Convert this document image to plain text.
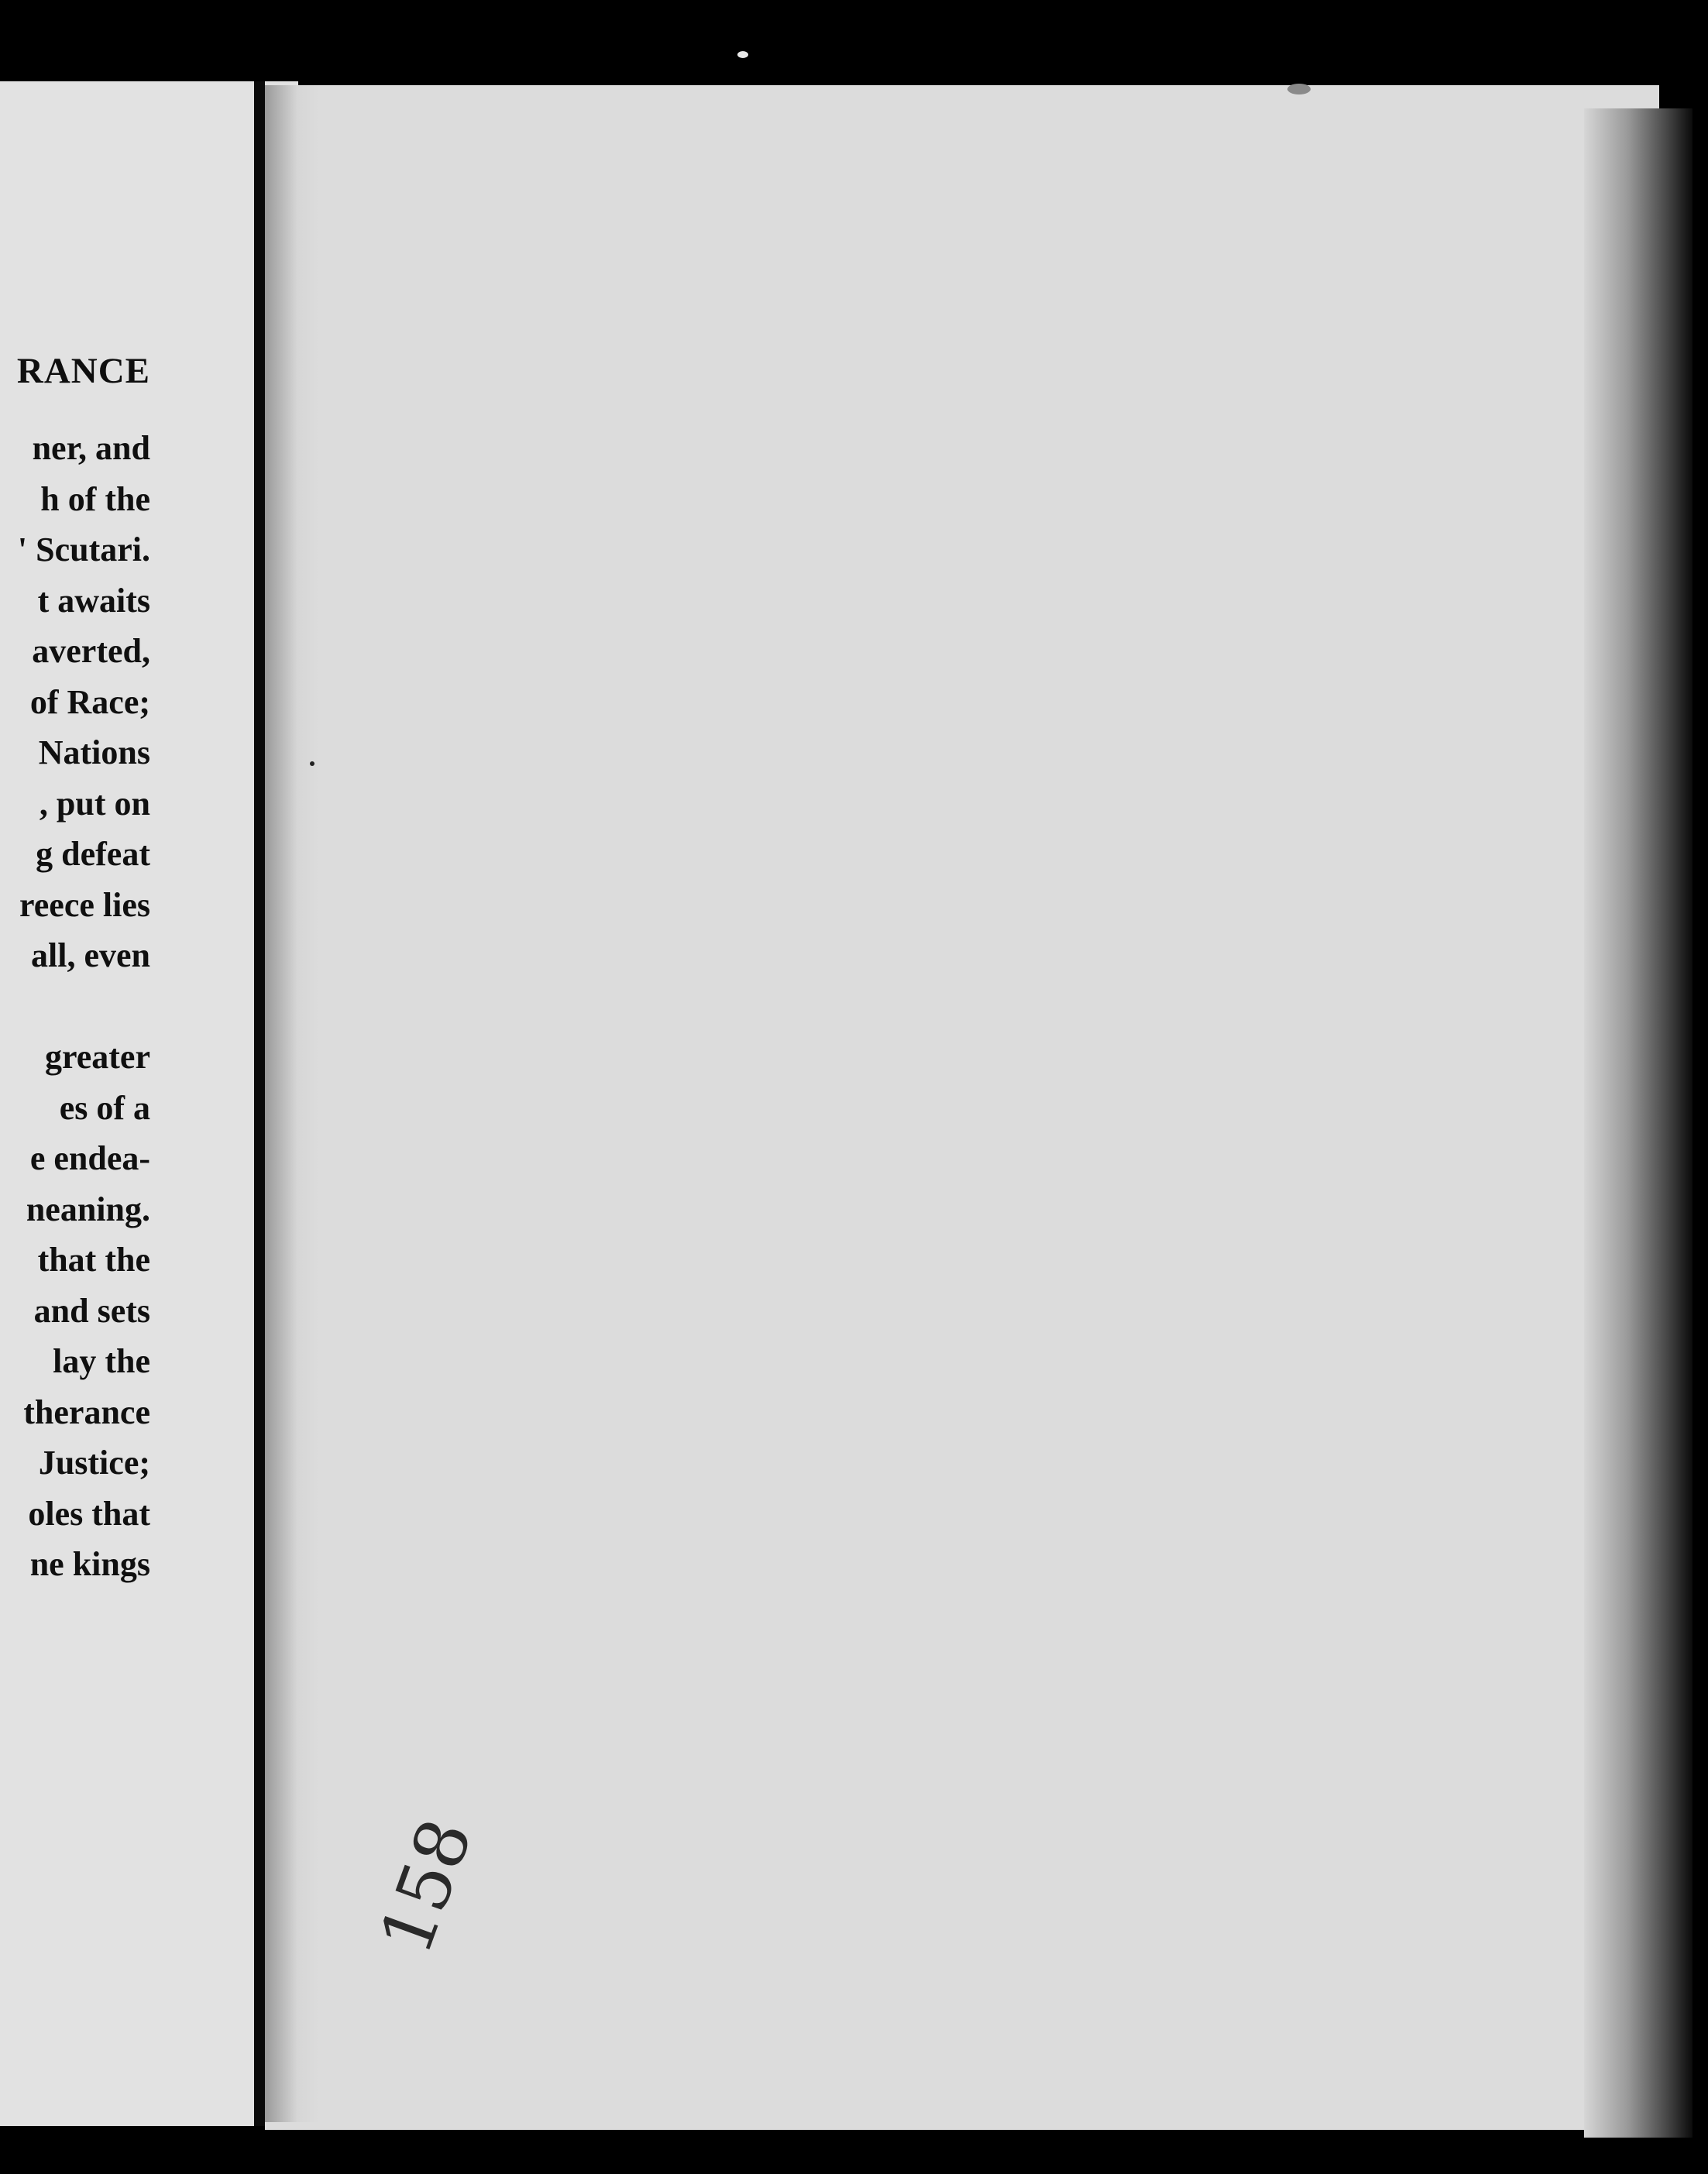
RANCE
ner, and
h of the
' Scutari.
t awaits
averted,
of Race;
Nations
, put on
g defeat
reece lies
all, even
greater
es of a
e endea-
neaning.
that the
and sets
lay the
therance
Justice;
oles that
ne kings
158
